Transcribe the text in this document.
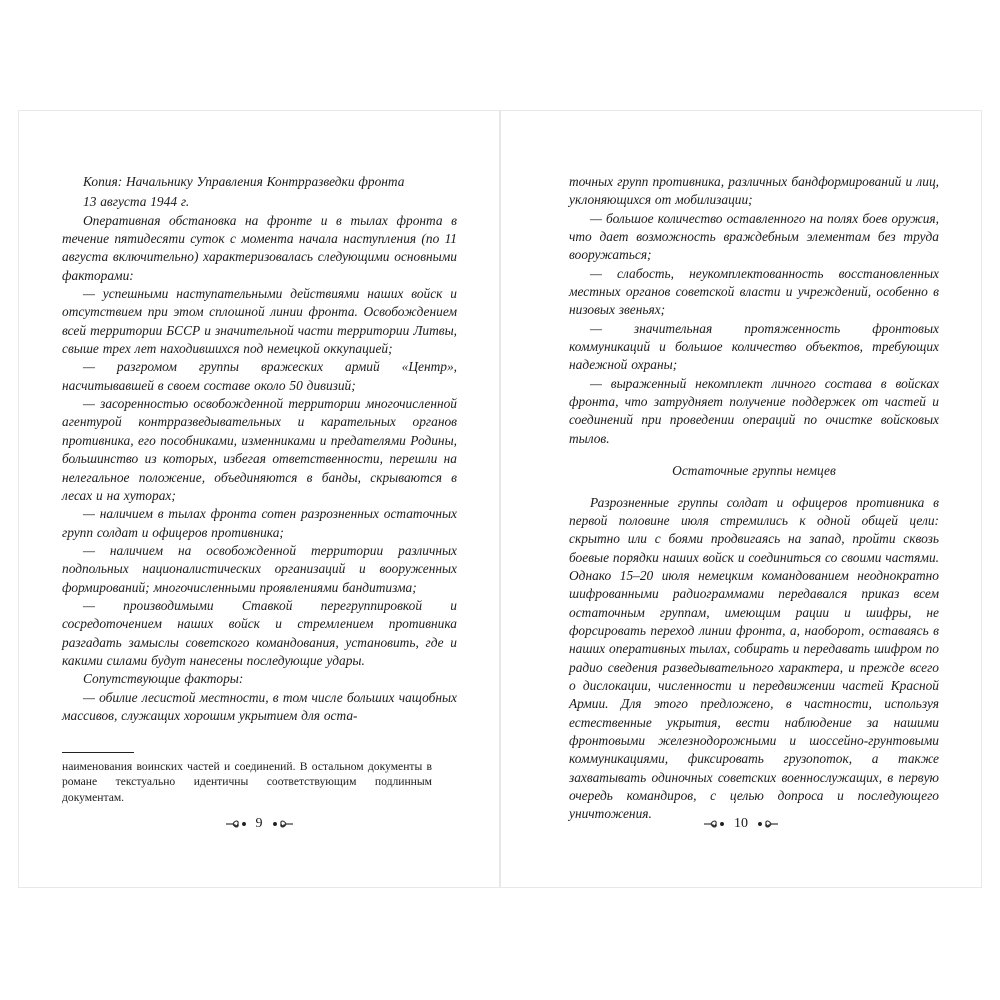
Копия: Начальнику Управления Контрразведки фронта

13 августа 1944 г.

Оперативная обстановка на фронте и в тылах фронта в течение пятидесяти суток с момента начала наступления (по 11 августа включительно) характеризовалась следующими основными факторами:

— успешными наступательными действиями наших войск и отсутствием при этом сплошной линии фронта. Освобождением всей территории БССР и значительной части территории Литвы, свыше трех лет находившихся под немецкой оккупацией;

— разгромом группы вражеских армий «Центр», насчитывавшей в своем составе около 50 дивизий;

— засоренностью освобожденной территории многочисленной агентурой контрразведывательных и карательных органов противника, его пособниками, изменниками и предателями Родины, большинство из которых, избегая ответственности, перешли на нелегальное положение, объединяются в банды, скрываются в лесах и на хуторах;

— наличием в тылах фронта сотен разрозненных остаточных групп солдат и офицеров противника;

— наличием на освобожденной территории различных подпольных националистических организаций и вооруженных формирований; многочисленными проявлениями бандитизма;

— производимыми Ставкой перегруппировкой и сосредоточением наших войск и стремлением противника разгадать замыслы советского командования, установить, где и какими силами будут нанесены последующие удары.

Сопутствующие факторы:

— обилие лесистой местности, в том числе больших чащобных массивов, служащих хорошим укрытием для оста-

наименования воинских частей и соединений. В остальном документы в романе текстуально идентичны соответствующим подлинным документам.
9

точных групп противника, различных бандформирований и лиц, уклоняющихся от мобилизации;

— большое количество оставленного на полях боев оружия, что дает возможность враждебным элементам без труда вооружаться;

— слабость, неукомплектованность восстановленных местных органов советской власти и учреждений, особенно в низовых звеньях;

— значительная протяженность фронтовых коммуникаций и большое количество объектов, требующих надежной охраны;

— выраженный некомплект личного состава в войсках фронта, что затрудняет получение поддержек от частей и соединений при проведении операций по очистке войсковых тылов.

Остаточные группы немцев

Разрозненные группы солдат и офицеров противника в первой половине июля стремились к одной общей цели: скрытно или с боями продвигаясь на запад, пройти сквозь боевые порядки наших войск и соединиться со своими частями. Однако 15–20 июля немецким командованием неоднократно шифрованными радиограммами передавался приказ всем остаточным группам, имеющим рации и шифры, не форсировать переход линии фронта, а, наоборот, оставаясь в наших оперативных тылах, собирать и передавать шифром по радио сведения разведывательного характера, и прежде всего о дислокации, численности и передвижении частей Красной Армии. Для этого предложено, в частности, используя естественные укрытия, вести наблюдение за нашими фронтовыми железнодорожными и шоссейно-грунтовыми коммуникациями, фиксировать грузопоток, а также захватывать одиночных советских военнослужащих, в первую очередь командиров, с целью допроса и последующего уничтожения.

10
